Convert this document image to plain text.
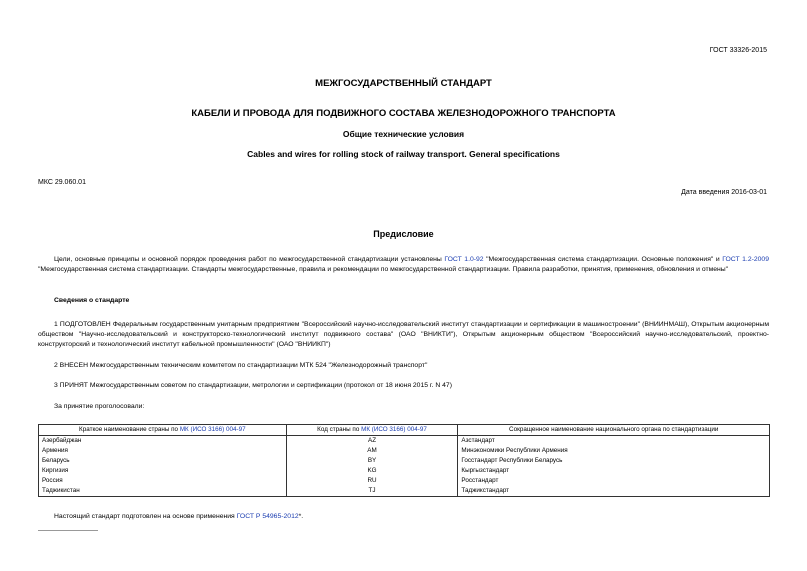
ГОСТ 33326-2015
МЕЖГОСУДАРСТВЕННЫЙ СТАНДАРТ
КАБЕЛИ И ПРОВОДА ДЛЯ ПОДВИЖНОГО СОСТАВА ЖЕЛЕЗНОДОРОЖНОГО ТРАНСПОРТА
Общие технические условия
Cables and wires for rolling stock of railway transport. General specifications
МКС 29.060.01
Дата введения 2016-03-01
Предисловие
Цели, основные принципы и основной порядок проведения работ по межгосударственной стандартизации установлены ГОСТ 1.0-92 "Межгосударственная система стандартизации. Основные положения" и ГОСТ 1.2-2009 "Межгосударственная система стандартизации. Стандарты межгосударственные, правила и рекомендации по межгосударственной стандартизации. Правила разработки, принятия, применения, обновления и отмены"
Сведения о стандарте
1 ПОДГОТОВЛЕН Федеральным государственным унитарным предприятием "Всероссийский научно-исследовательский институт стандартизации и сертификации в машиностроении" (ВНИИНМАШ), Открытым акционерным обществом "Научно-исследовательский и конструкторско-технологический институт подвижного состава" (ОАО "ВНИКТИ"), Открытым акционерным обществом "Всероссийский научно-исследовательский, проектно-конструкторский и технологический институт кабельной промышленности" (ОАО "ВНИИКП")
2 ВНЕСЕН Межгосударственным техническим комитетом по стандартизации МТК 524 "Железнодорожный транспорт"
3 ПРИНЯТ Межгосударственным советом по стандартизации, метрологии и сертификации (протокол от 18 июня 2015 г. N 47)
За принятие проголосовали:
Краткое наименование страны по МК (ИСО 3166) 004-97	Код страны по МК (ИСО 3166) 004-97	Сокращенное наименование национального органа по стандартизации
Азербайджан	AZ	Азстандарт
Армения	AM	Минэкономики Республики Армения
Беларусь	BY	Госстандарт Республики Беларусь
Киргизия	KG	Кыргызстандарт
Россия	RU	Росстандарт
Таджикистан	TJ	Таджикстандарт
Настоящий стандарт подготовлен на основе применения ГОСТ Р 54965-2012*.
